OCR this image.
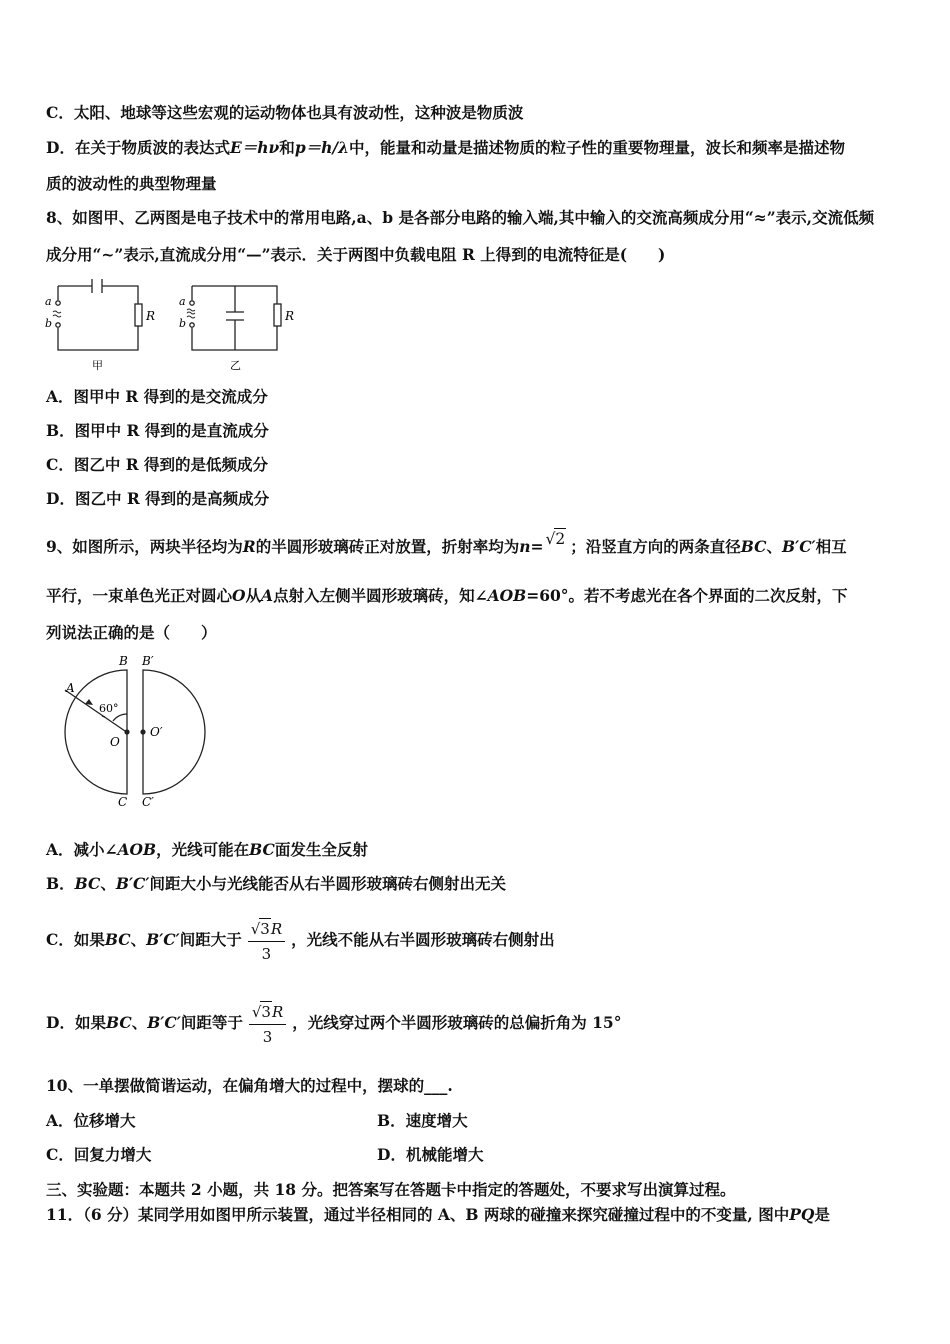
C．太阳、地球等这些宏观的运动物体也具有波动性，这种波是物质波
D．在关于物质波的表达式E＝hν和p＝h/λ中，能量和动量是描述物质的粒子性的重要物理量，波长和频率是描述物
质的波动性的典型物理量
8、如图甲、乙两图是电子技术中的常用电路,a、b 是各部分电路的输入端,其中输入的交流高频成分用“≈”表示,交流低频
成分用“~”表示,直流成分用“—”表示．关于两图中负载电阻 R 上得到的电流特征是(　　)
a
b
R
甲
a
b
R
乙
A．图甲中 R 得到的是交流成分
B．图甲中 R 得到的是直流成分
C．图乙中 R 得到的是低频成分
D．图乙中 R 得到的是高频成分
9、如图所示，两块半径均为R的半圆形玻璃砖正对放置，折射率均为n= √2 ；沿竖直方向的两条直径BC、B′C′相互
平行，一束单色光正对圆心O从A点射入左侧半圆形玻璃砖，知∠AOB=60°。若不考虑光在各个界面的二次反射，下
列说法正确的是（　　）
B B′
A
60°
O
O′
C C′
A．减小∠AOB，光线可能在BC面发生全反射
B．BC、B′C′间距大小与光线能否从右半圆形玻璃砖右侧射出无关
C．如果BC、B′C′间距大于 $\frac{√3R}{3}$ ，光线不能从右半圆形玻璃砖右侧射出
D．如果BC、B′C′间距等于 $\frac{√3R}{3}$ ，光线穿过两个半圆形玻璃砖的总偏折角为 15°
10、一单摆做简谐运动，在偏角增大的过程中，摆球的___.
A．位移增大	B．速度增大
C．回复力增大	D．机械能增大
三、实验题：本题共 2 小题，共 18 分。把答案写在答题卡中指定的答题处，不要求写出演算过程。
11．（6 分）某同学用如图甲所示装置，通过半径相同的 A、B 两球的碰撞来探究碰撞过程中的不变量, 图中PQ是
